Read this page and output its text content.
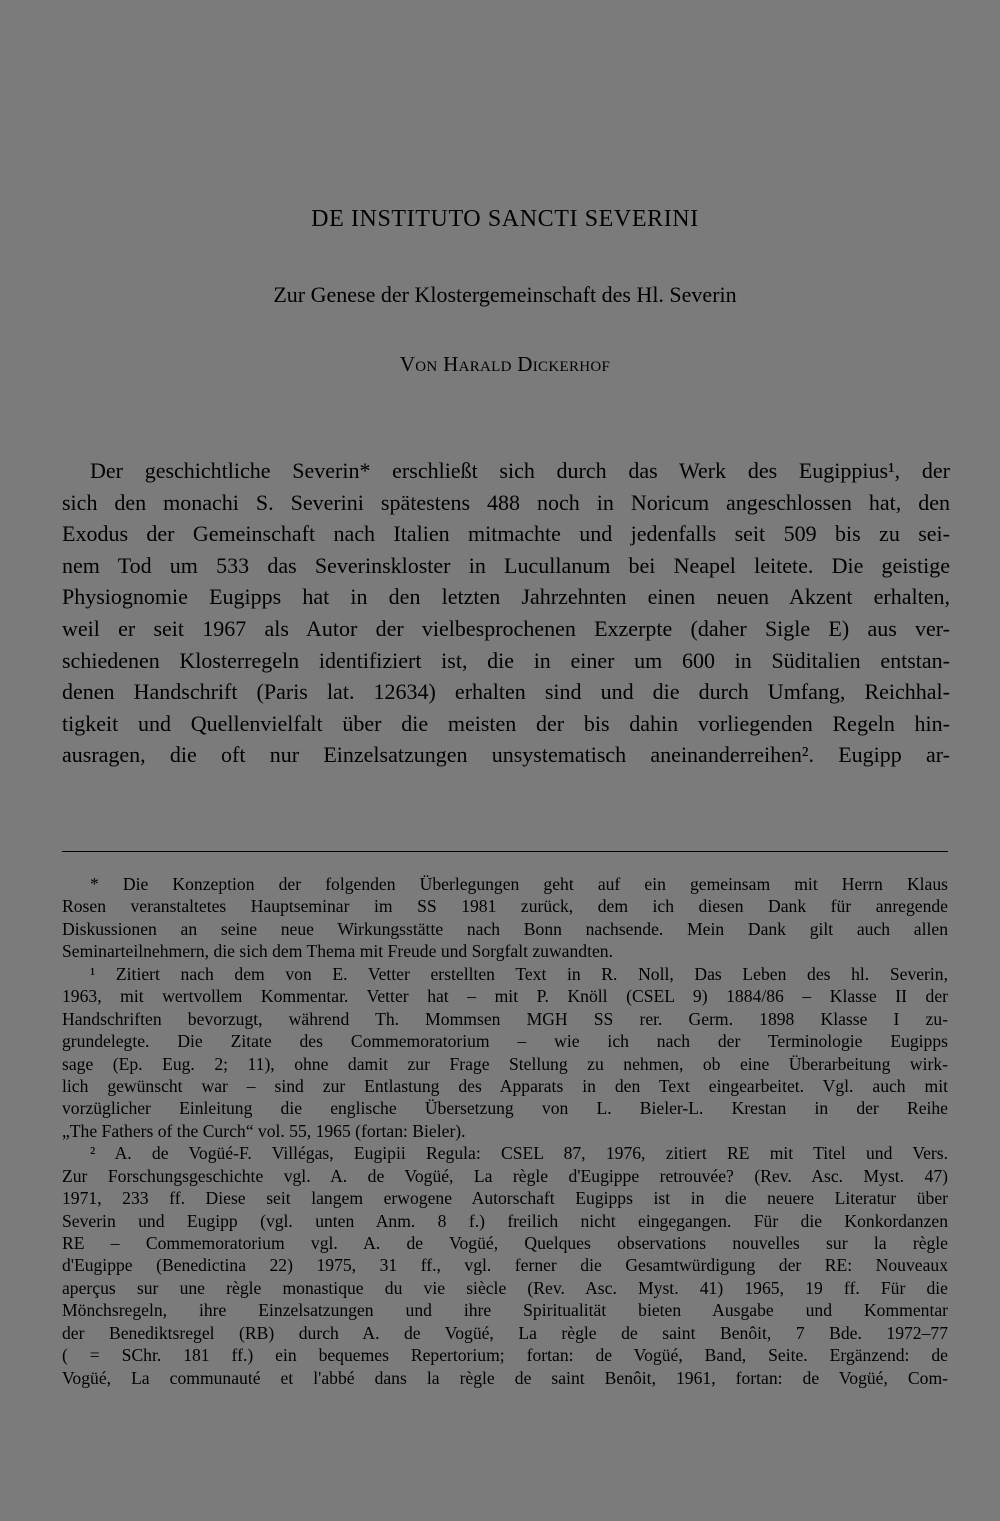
DE INSTITUTO SANCTI SEVERINI
Zur Genese der Klostergemeinschaft des Hl. Severin
Von Harald Dickerhof
Der geschichtliche Severin* erschließt sich durch das Werk des Eugippius¹, der
sich den monachi S. Severini spätestens 488 noch in Noricum angeschlossen hat, den
Exodus der Gemeinschaft nach Italien mitmachte und jedenfalls seit 509 bis zu sei-
nem Tod um 533 das Severinskloster in Lucullanum bei Neapel leitete. Die geistige
Physiognomie Eugipps hat in den letzten Jahrzehnten einen neuen Akzent erhalten,
weil er seit 1967 als Autor der vielbesprochenen Exzerpte (daher Sigle E) aus ver-
schiedenen Klosterregeln identifiziert ist, die in einer um 600 in Süditalien entstan-
denen Handschrift (Paris lat. 12634) erhalten sind und die durch Umfang, Reichhal-
tigkeit und Quellenvielfalt über die meisten der bis dahin vorliegenden Regeln hin-
ausragen, die oft nur Einzelsatzungen unsystematisch aneinanderreihen². Eugipp ar-
* Die Konzeption der folgenden Überlegungen geht auf ein gemeinsam mit Herrn Klaus
Rosen veranstaltetes Hauptseminar im SS 1981 zurück, dem ich diesen Dank für anregende
Diskussionen an seine neue Wirkungsstätte nach Bonn nachsende. Mein Dank gilt auch allen
Seminarteilnehmern, die sich dem Thema mit Freude und Sorgfalt zuwandten.
¹ Zitiert nach dem von E. Vetter erstellten Text in R. Noll, Das Leben des hl. Severin,
1963, mit wertvollem Kommentar. Vetter hat – mit P. Knöll (CSEL 9) 1884/86 – Klasse II der
Handschriften bevorzugt, während Th. Mommsen MGH SS rer. Germ. 1898 Klasse I zu-
grundelegte. Die Zitate des Commemoratorium – wie ich nach der Terminologie Eugipps
sage (Ep. Eug. 2; 11), ohne damit zur Frage Stellung zu nehmen, ob eine Überarbeitung wirk-
lich gewünscht war – sind zur Entlastung des Apparats in den Text eingearbeitet. Vgl. auch mit
vorzüglicher Einleitung die englische Übersetzung von L. Bieler-L. Krestan in der Reihe
„The Fathers of the Curch“ vol. 55, 1965 (fortan: Bieler).
² A. de Vogüé-F. Villégas, Eugipii Regula: CSEL 87, 1976, zitiert RE mit Titel und Vers.
Zur Forschungsgeschichte vgl. A. de Vogüé, La règle d'Eugippe retrouvée? (Rev. Asc. Myst. 47)
1971, 233 ff. Diese seit langem erwogene Autorschaft Eugipps ist in die neuere Literatur über
Severin und Eugipp (vgl. unten Anm. 8 f.) freilich nicht eingegangen. Für die Konkordanzen
RE – Commemoratorium vgl. A. de Vogüé, Quelques observations nouvelles sur la règle
d'Eugippe (Benedictina 22) 1975, 31 ff., vgl. ferner die Gesamtwürdigung der RE: Nouveaux
aperçus sur une règle monastique du vie siècle (Rev. Asc. Myst. 41) 1965, 19 ff. Für die
Mönchsregeln, ihre Einzelsatzungen und ihre Spiritualität bieten Ausgabe und Kommentar
der Benediktsregel (RB) durch A. de Vogüé, La règle de saint Benôit, 7 Bde. 1972–77
( = SChr. 181 ff.) ein bequemes Repertorium; fortan: de Vogüé, Band, Seite. Ergänzend: de
Vogüé, La communauté et l'abbé dans la règle de saint Benôit, 1961, fortan: de Vogüé, Com-
